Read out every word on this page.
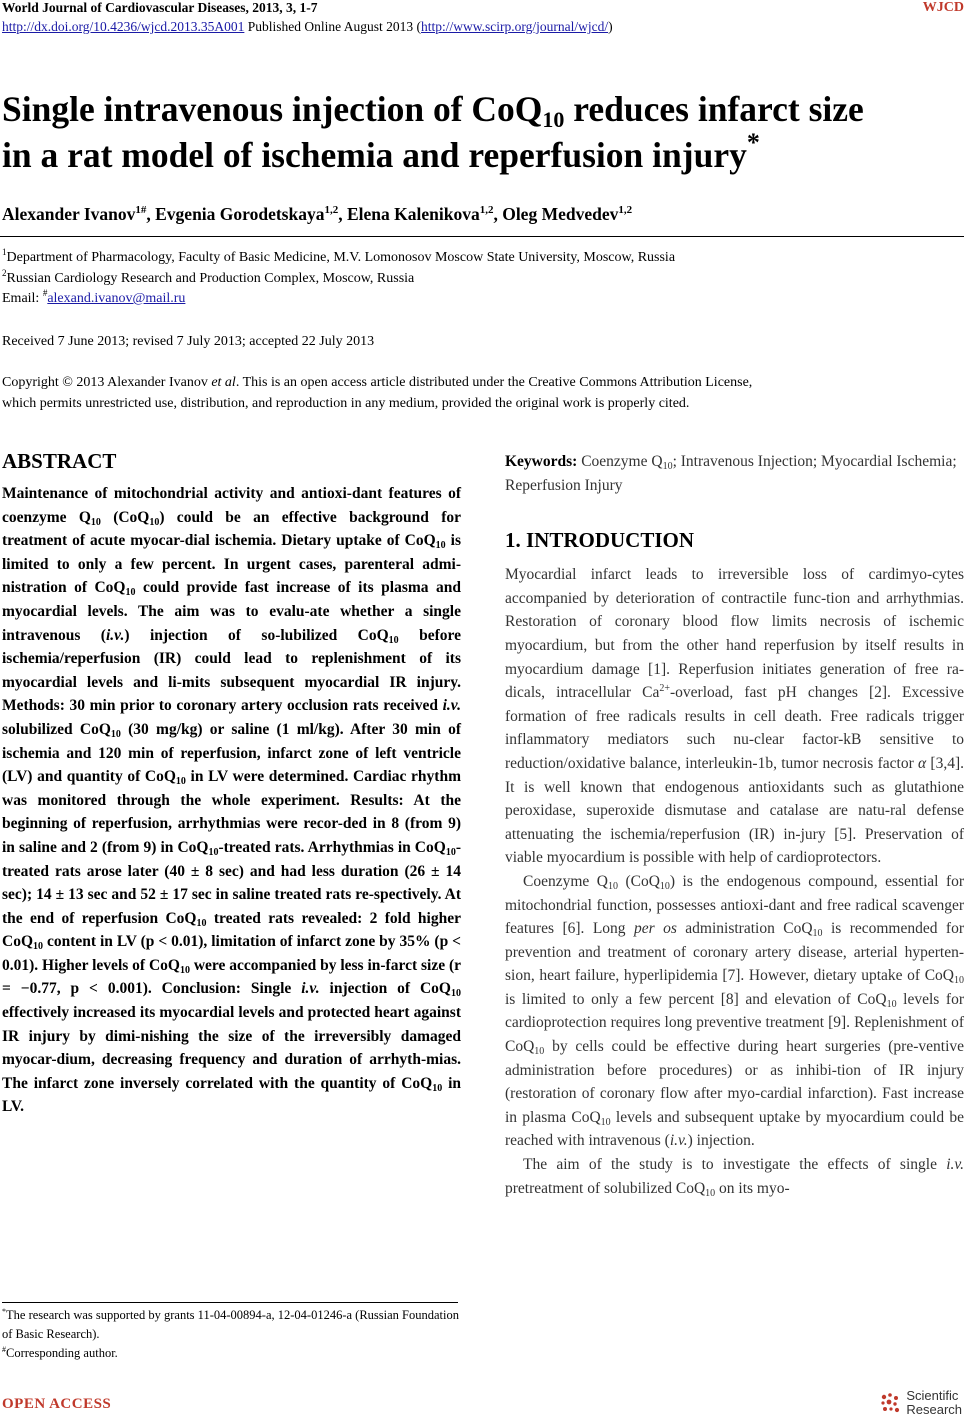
World Journal of Cardiovascular Diseases, 2013, 3, 1-7	WJCD
http://dx.doi.org/10.4236/wjcd.2013.35A001 Published Online August 2013 (http://www.scirp.org/journal/wjcd/)
Single intravenous injection of CoQ$_{10}$ reduces infarct size
in a rat model of ischemia and reperfusion injury*
Alexander Ivanov$^{1\#}$, Evgenia Gorodetskaya$^{1,2}$, Elena Kalenikova$^{1,2}$, Oleg Medvedev$^{1,2}$
$^1$Department of Pharmacology, Faculty of Basic Medicine, M.V. Lomonosov Moscow State University, Moscow, Russia
$^2$Russian Cardiology Research and Production Complex, Moscow, Russia
Email: #alexand.ivanov@mail.ru
Received 7 June 2013; revised 7 July 2013; accepted 22 July 2013
Copyright © 2013 Alexander Ivanov et al. This is an open access article distributed under the Creative Commons Attribution License,
which permits unrestricted use, distribution, and reproduction in any medium, provided the original work is properly cited.
ABSTRACT

Maintenance of mitochondrial activity and antioxi-dant features of coenzyme $Q_{10}$ (CoQ$_{10}$) could be an effective background for treatment of acute myocar-dial ischemia. Dietary uptake of CoQ$_{10}$ is limited to only a few percent. In urgent cases, parenteral admi-nistration of CoQ$_{10}$ could provide fast increase of its plasma and myocardial levels. The aim was to evalu-ate whether a single intravenous (i.v.) injection of so-lubilized CoQ$_{10}$ before ischemia/reperfusion (IR) could lead to replenishment of its myocardial levels and li-mits subsequent myocardial IR injury. Methods: 30 min prior to coronary artery occlusion rats received i.v. solubilized CoQ$_{10}$ (30 mg/kg) or saline (1 ml/kg). After 30 min of ischemia and 120 min of reperfusion, infarct zone of left ventricle (LV) and quantity of CoQ$_{10}$ in LV were determined. Cardiac rhythm was monitored through the whole experiment. Results: At the beginning of reperfusion, arrhythmias were recor-ded in 8 (from 9) in saline and 2 (from 9) in CoQ$_{10}$-treated rats. Arrhythmias in CoQ$_{10}$-treated rats arose later (40 ± 8 sec) and had less duration (26 ± 14 sec); 14 ± 13 sec and 52 ± 17 sec in saline treated rats re-spectively. At the end of reperfusion CoQ$_{10}$ treated rats revealed: 2 fold higher CoQ$_{10}$ content in LV (p < 0.01), limitation of infarct zone by 35% (p < 0.01). Higher levels of CoQ$_{10}$ were accompanied by less in-farct size (r = −0.77, p < 0.001). Conclusion: Single i.v. injection of CoQ$_{10}$ effectively increased its myocardial levels and protected heart against IR injury by dimi-nishing the size of the irreversibly damaged myocar-dium, decreasing frequency and duration of arrhyth-mias. The infarct zone inversely correlated with the quantity of CoQ$_{10}$ in LV.

*The research was supported by grants 11-04-00894-a, 12-04-01246-a (Russian Foundation of Basic Research).
#Corresponding author.

Keywords: Coenzyme $Q_{10}$; Intravenous Injection; Myocardial Ischemia; Reperfusion Injury

1. INTRODUCTION

Myocardial infarct leads to irreversible loss of cardimyo-cytes accompanied by deterioration of contractile func-tion and arrhythmias. Restoration of coronary blood flow limits necrosis of ischemic myocardium, but from the other hand reperfusion by itself results in myocardium damage [1]. Reperfusion initiates generation of free ra-dicals, intracellular $Ca^{2+}$-overload, fast pH changes [2]. Excessive formation of free radicals results in cell death. Free radicals trigger inflammatory mediators such nu-clear factor-kB sensitive to reduction/oxidative balance, interleukin-1b, tumor necrosis factor α [3,4]. It is well known that endogenous antioxidants such as glutathione peroxidase, superoxide dismutase and catalase are natu-ral defense attenuating the ischemia/reperfusion (IR) in-jury [5]. Preservation of viable myocardium is possible with help of cardioprotectors.

Coenzyme $Q_{10}$ (CoQ$_{10}$) is the endogenous compound, essential for mitochondrial function, possesses antioxi-dant and free radical scavenger features [6]. Long per os administration CoQ$_{10}$ is recommended for prevention and treatment of coronary artery disease, arterial hyperten-sion, heart failure, hyperlipidemia [7]. However, dietary uptake of CoQ$_{10}$ is limited to only a few percent [8] and elevation of CoQ$_{10}$ levels for cardioprotection requires long preventive treatment [9]. Replenishment of CoQ$_{10}$ by cells could be effective during heart surgeries (pre-ventive administration before procedures) or as inhibi-tion of IR injury (restoration of coronary flow after myo-cardial infarction). Fast increase in plasma CoQ$_{10}$ levels and subsequent uptake by myocardium could be reached with intravenous (i.v.) injection.

The aim of the study is to investigate the effects of single i.v. pretreatment of solubilized CoQ$_{10}$ on its myo-

OPEN ACCESS
Scientific
Research
